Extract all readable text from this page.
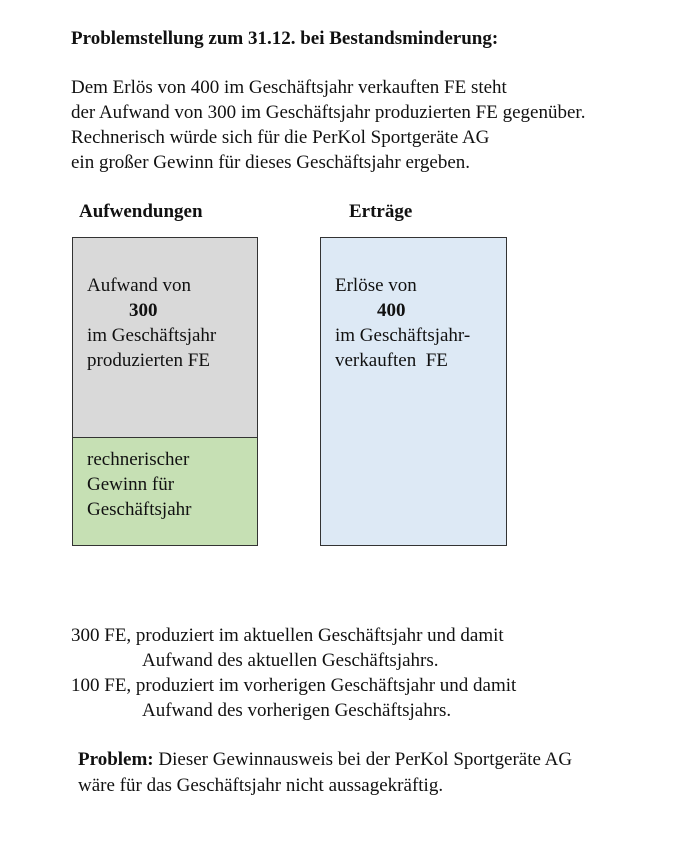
Problemstellung zum 31.12. bei Bestandsminderung:
Dem Erlös von 400 im Geschäftsjahr verkauften FE steht
der Aufwand von 300 im Geschäftsjahr produzierten FE gegenüber.
Rechnerisch würde sich für die PerKol Sportgeräte AG
ein großer Gewinn für dieses Geschäftsjahr ergeben.
Aufwendungen	Erträge
Aufwand von
300
im Geschäftsjahr
produzierten FE
rechnerischer
Gewinn für
Geschäftsjahr
Erlöse von
400
im Geschäftsjahr-
verkauften  FE
300 FE, produziert im aktuellen Geschäftsjahr und damit
Aufwand des aktuellen Geschäftsjahrs.
100 FE, produziert im vorherigen Geschäftsjahr und damit
Aufwand des vorherigen Geschäftsjahrs.
Problem: Dieser Gewinnausweis bei der PerKol Sportgeräte AG
wäre für das Geschäftsjahr nicht aussagekräftig.
